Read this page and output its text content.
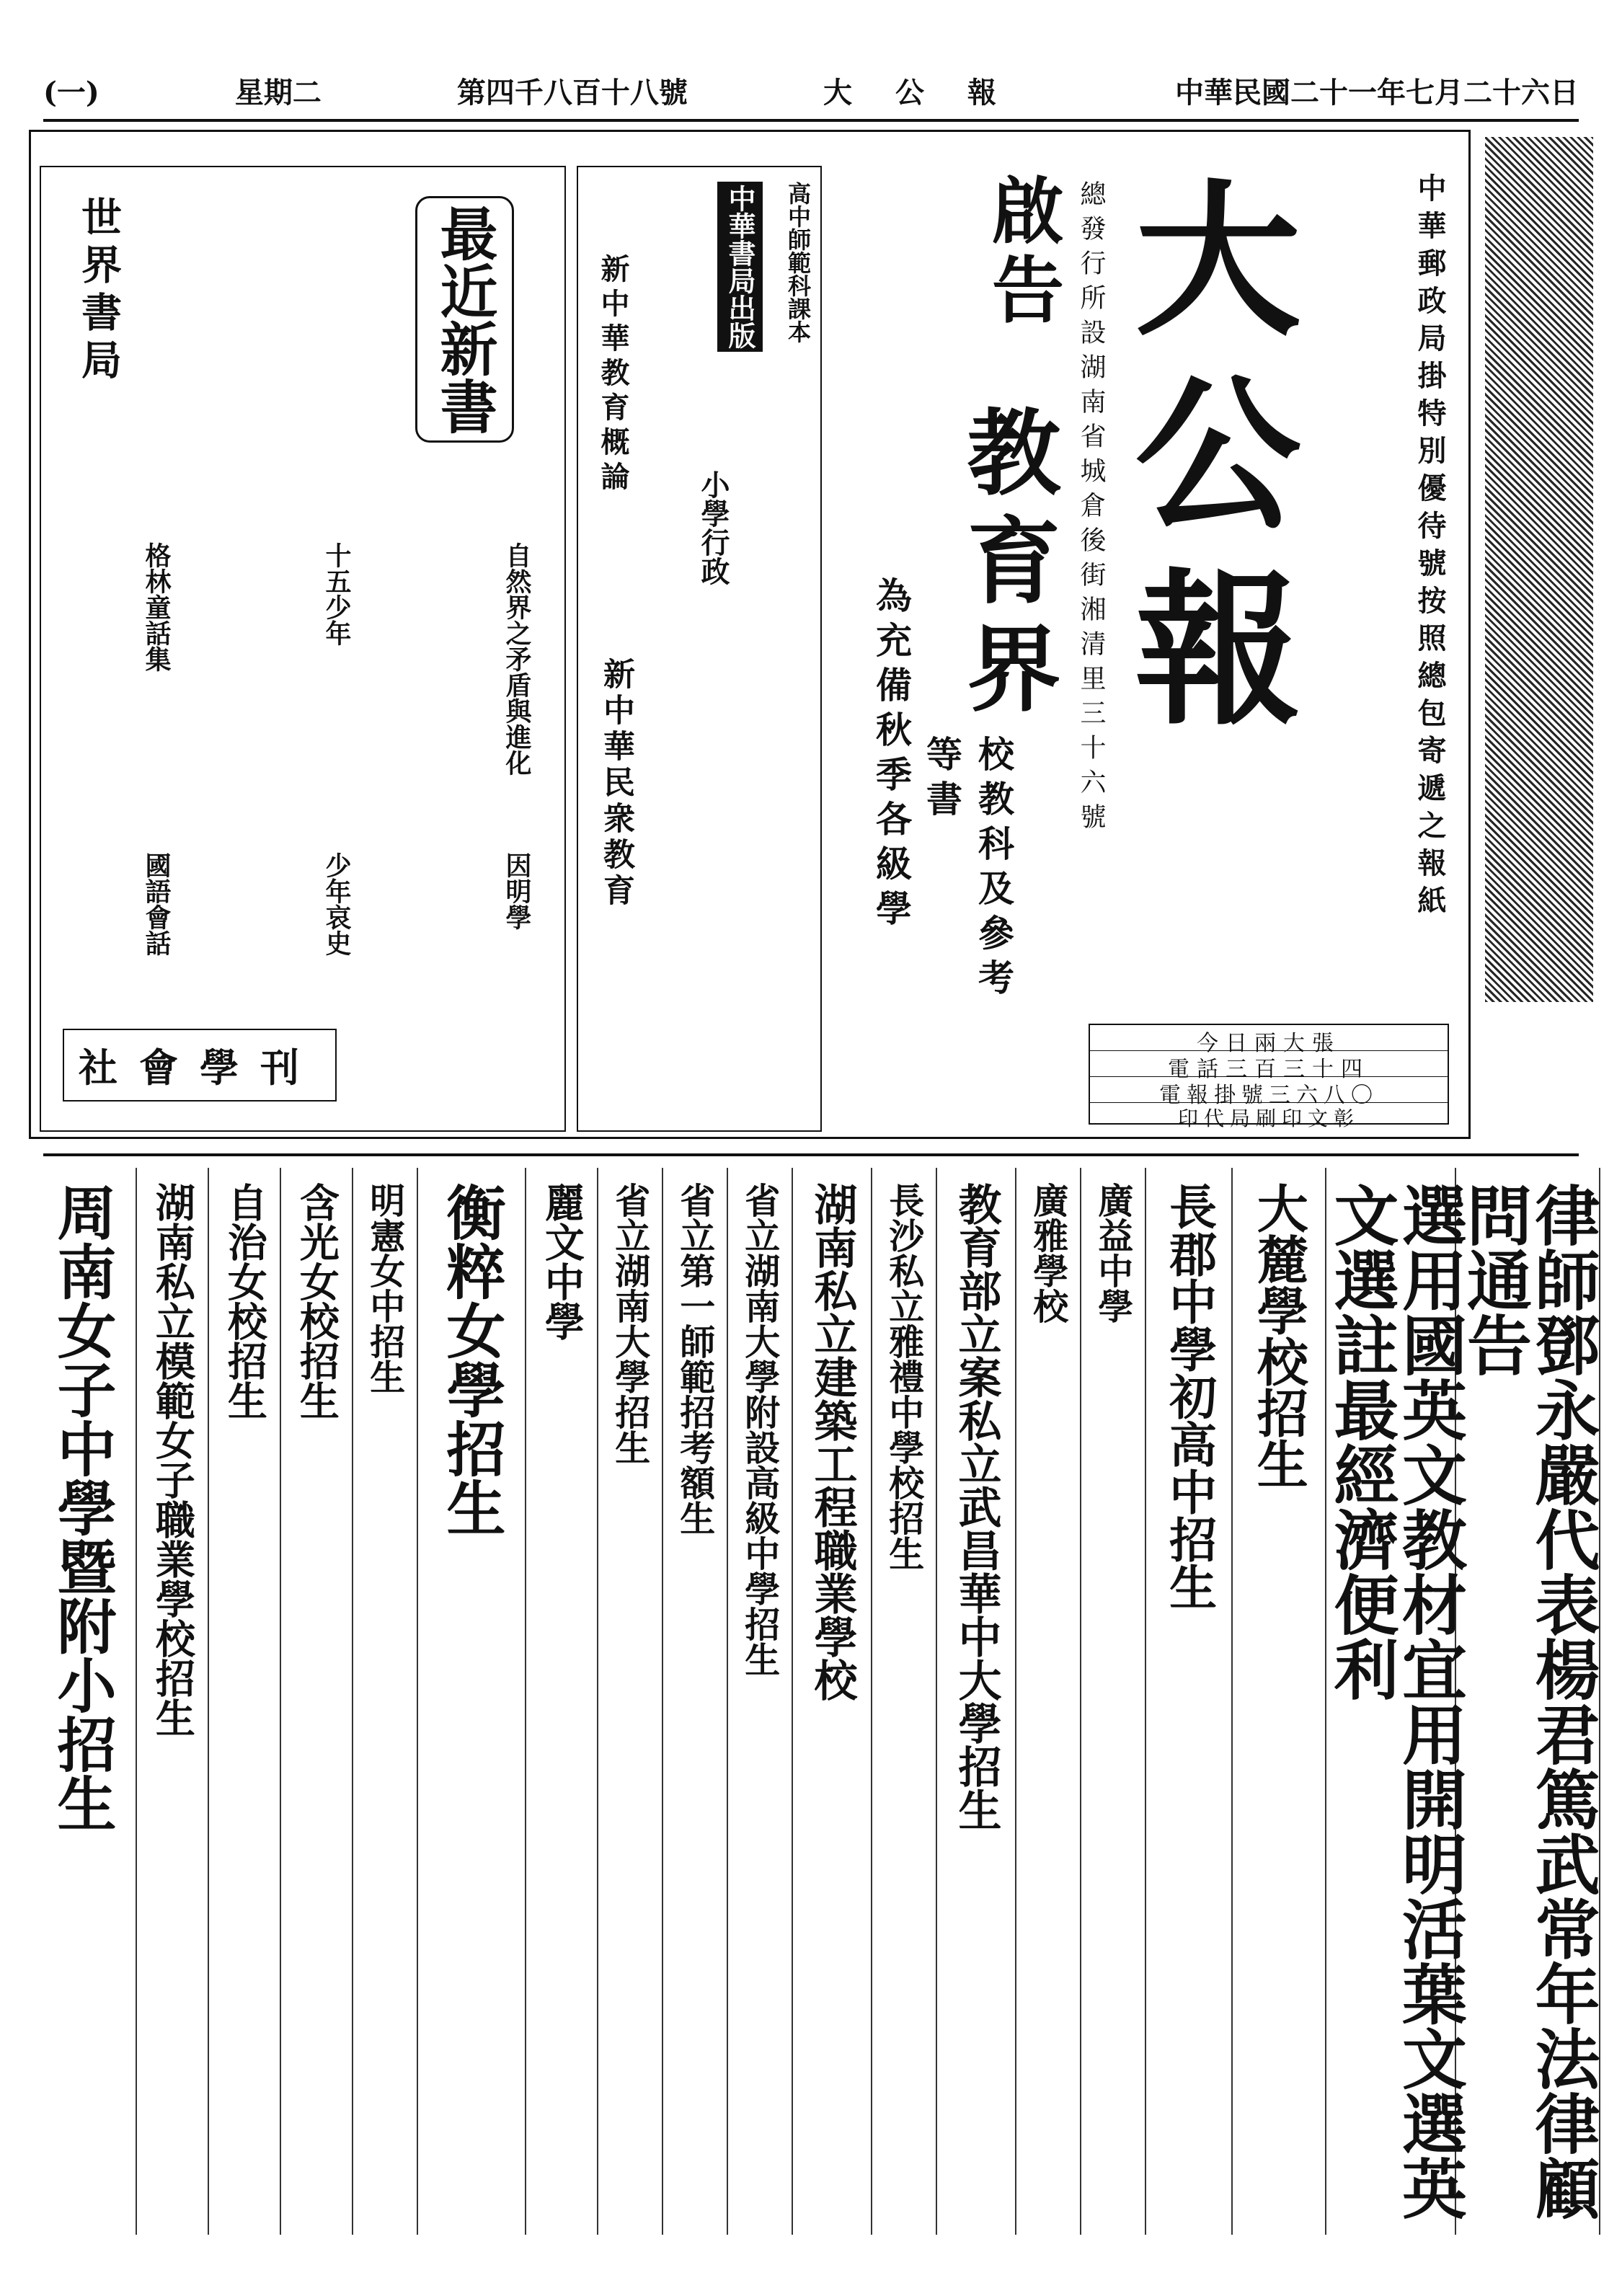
(一)	星期二	第四千八百十八號	大公報	中華民國二十一年七月二十六日
大公報
總發行所設湖南省城倉後街湘清里三十六號	中華郵政局掛特別優待號按照總包寄遞之報紙
今日兩大張
電話三百三十四
電報掛號三六八〇
印代局刷印文彰
啟告
教育界
為充備秋季各級學	校教科及參考等書
高中師範科課本
中華書局出版
新中華教育概論
小學行政
新中華民衆教育
世界書局	最近新書
自然界之矛盾與進化
因明學
十五少年
少年哀史
格林童話集
國語會話
社會學刊
周南女子中學暨附小招生 湖南私立模範女子職業學校招生 自治女校招生 含光女校招生 明憲女中招生 衡粹女學招生 麗文中學 省立湖南大學招生 省立第一師範招考額生 省立湖南大學附設高級中學招生 湖南私立建築工程職業學校 長沙私立雅禮中學校招生 教育部立案私立武昌華中大學招生 廣雅學校 廣益中學 長郡中學初高中招生 大麓學校招生	選用國英文教材宜用開明活葉文選英文選註最經濟便利	律師鄧永嚴代表楊君篤武常年法律顧問通告
